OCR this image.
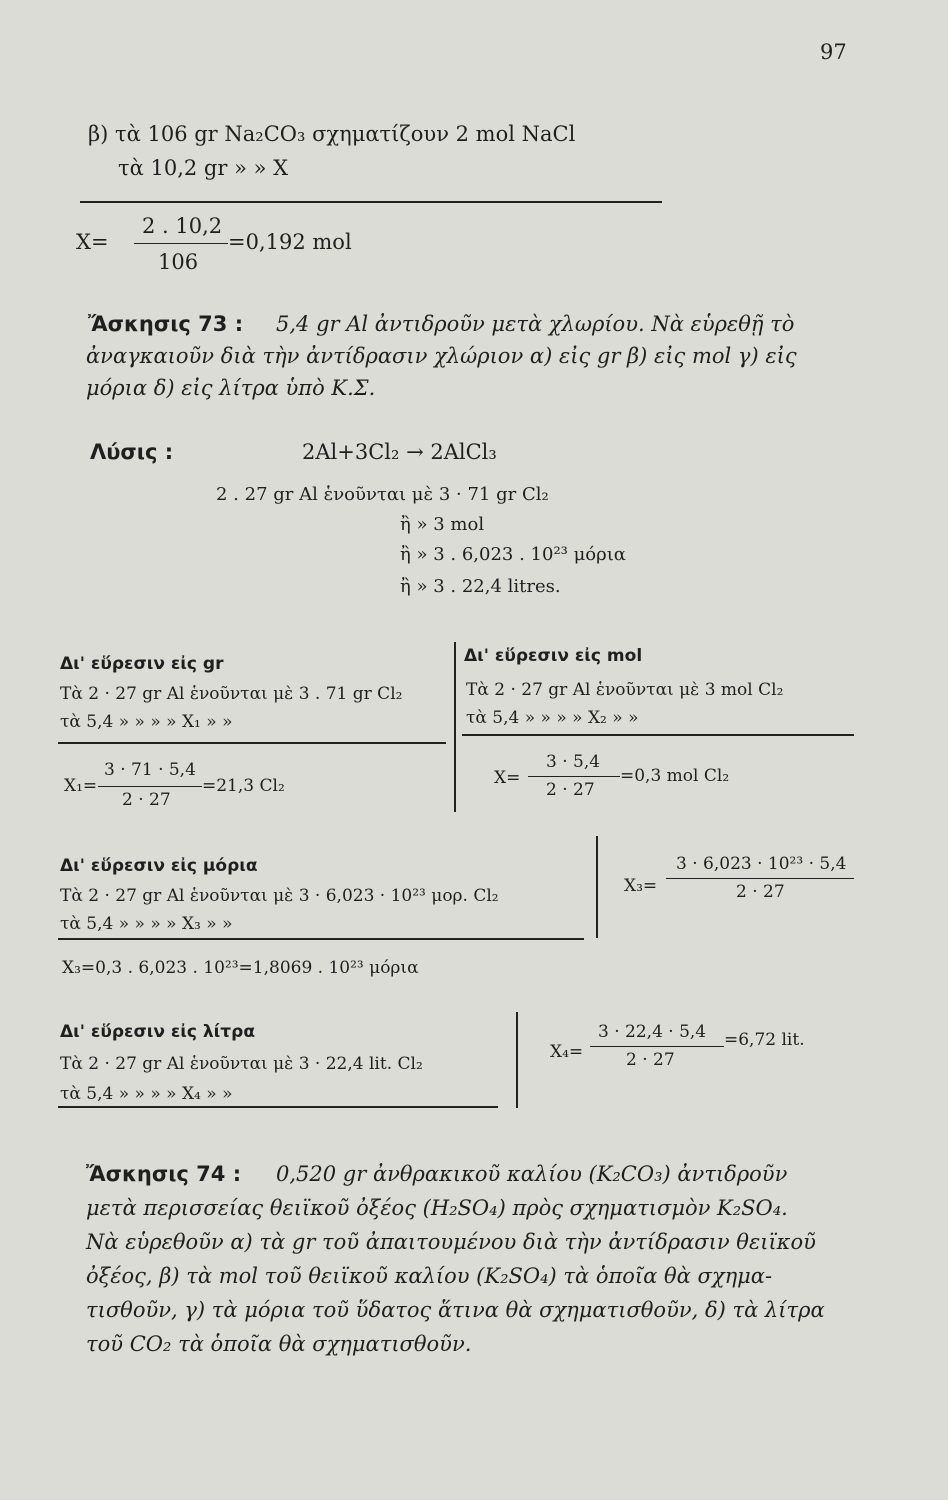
97
β) τὰ 106 gr Na₂CO₃ σχηματίζουν 2 mol NaCl
τὰ 10,2 gr » » X
X=
2 . 10,2
106
=0,192 mol
Ἄσκησις 73 : 5,4 gr Al ἀντιδροῦν μετὰ χλωρίου. Νὰ εὑρεθῇ τὸ
ἀναγκαιοῦν διὰ τὴν ἀντίδρασιν χλώριον α) εἰς gr β) εἰς mol γ) εἰς
μόρια δ) εἰς λίτρα ὑπὸ Κ.Σ.
Λύσις :	2Al+3Cl₂ → 2AlCl₃
2 . 27 gr Al ἑνοῦνται μὲ 3 · 71 gr Cl₂
ἢ » 3 mol
ἢ » 3 . 6,023 . 10²³ μόρια
ἢ » 3 . 22,4 litres.
Δι' εὕρεσιν εἰς gr
Τὰ 2 · 27 gr Al ἑνοῦνται μὲ 3 . 71 gr Cl₂
τὰ 5,4 » » » » X₁ » »
X₁=
3 · 71 · 5,4
2 · 27
=21,3 Cl₂
Δι' εὕρεσιν εἰς mol
Τὰ 2 · 27 gr Al ἑνοῦνται μὲ 3 mol Cl₂
τὰ 5,4 » » » » X₂ » »
X=
3 · 5,4
2 · 27
=0,3 mol Cl₂
Δι' εὕρεσιν εἰς μόρια
Τὰ 2 · 27 gr Al ἑνοῦνται μὲ 3 · 6,023 · 10²³ μορ. Cl₂
τὰ 5,4 » » » » X₃ » »
X₃=
3 · 6,023 · 10²³ · 5,4
2 · 27
X₃=0,3 . 6,023 . 10²³=1,8069 . 10²³ μόρια
Δι' εὕρεσιν εἰς λίτρα
Τὰ 2 · 27 gr Al ἑνοῦνται μὲ 3 · 22,4 lit. Cl₂
τὰ 5,4 » » » » X₄ » »
X₄=
3 · 22,4 · 5,4
2 · 27
=6,72 lit.
Ἄσκησις 74 : 0,520 gr ἀνθρακικοῦ καλίου (K₂CO₃) ἀντιδροῦν
μετὰ περισσείας θειϊκοῦ ὀξέος (H₂SO₄) πρὸς σχηματισμὸν K₂SO₄.
Νὰ εὑρεθοῦν α) τὰ gr τοῦ ἀπαιτουμένου διὰ τὴν ἀντίδρασιν θειϊκοῦ
ὀξέος, β) τὰ mol τοῦ θειϊκοῦ καλίου (K₂SO₄) τὰ ὁποῖα θὰ σχημα-
τισθοῦν, γ) τὰ μόρια τοῦ ὕδατος ἅτινα θὰ σχηματισθοῦν, δ) τὰ λίτρα
τοῦ CO₂ τὰ ὁποῖα θὰ σχηματισθοῦν.
